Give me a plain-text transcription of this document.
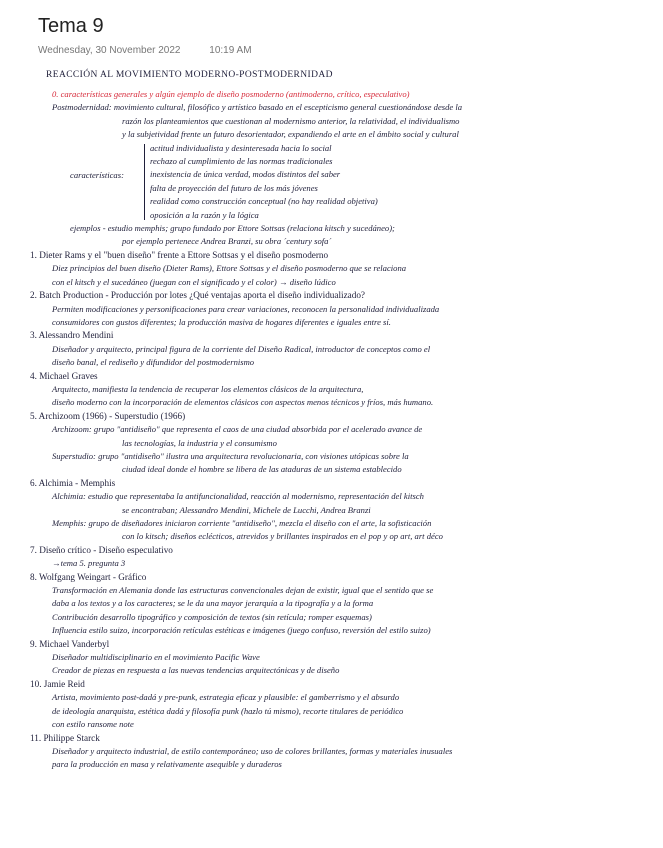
Tema 9
Wednesday, 30 November 2022	10:19 AM
REACCIÓN AL MOVIMIENTO MODERNO-POSTMODERNIDAD
0. características generales y algún ejemplo de diseño posmoderno (antimoderno, crítico, especulativo)
Postmodernidad: movimiento cultural, filosófico y artístico basado en el escepticismo general cuestionándose desde la
razón los planteamientos que cuestionan al modernismo anterior, la relatividad, el individualismo
y la subjetividad frente un futuro desorientador, expandiendo el arte en el ámbito social y cultural
características:
actitud individualista y desinteresada hacia lo social
rechazo al cumplimiento de las normas tradicionales
inexistencia de única verdad, modos distintos del saber
falta de proyección del futuro de los más jóvenes
realidad como construcción conceptual (no hay realidad objetiva)
oposición a la razón y la lógica
ejemplos - estudio memphis; grupo fundado por Ettore Sottsas (relaciona kitsch y sucedáneo);
por ejemplo pertenece Andrea Branzi, su obra ´century sofa´
1. Dieter Rams y el "buen diseño" frente a Ettore Sottsas y el diseño posmoderno
Diez principios del buen diseño (Dieter Rams), Ettore Sottsas y el diseño posmoderno que se relaciona
con el kitsch y el sucedáneo (juegan con el significado y el color) → diseño lúdico
2. Batch Production - Producción por lotes ¿Qué ventajas aporta el diseño individualizado?
Permiten modificaciones y personificaciones para crear variaciones, reconocen la personalidad individualizada
consumidores con gustos diferentes; la producción masiva de hogares diferentes e iguales entre sí.
3. Alessandro Mendini
Diseñador y arquitecto, principal figura de la corriente del Diseño Radical, introductor de conceptos como el
diseño banal, el rediseño y difundidor del postmodernismo
4. Michael Graves
Arquitecto, manifiesta la tendencia de recuperar los elementos clásicos de la arquitectura,
diseño moderno con la incorporación de elementos clásicos con aspectos menos técnicos y fríos, más humano.
5. Archizoom (1966) - Superstudio (1966)
Archizoom: grupo "antidiseño" que representa el caos de una ciudad absorbida por el acelerado avance de
las tecnologías, la industria y el consumismo
Superstudio: grupo "antidiseño" ilustra una arquitectura revolucionaria, con visiones utópicas sobre la
ciudad ideal donde el hombre se libera de las ataduras de un sistema establecido
6. Alchimia - Memphis
Alchimia: estudio que representaba la antifuncionalidad, reacción al modernismo, representación del kitsch
se encontraban; Alessandro Mendini, Michele de Lucchi, Andrea Branzi
Memphis: grupo de diseñadores iniciaron corriente "antidiseño", mezcla el diseño con el arte, la sofisticación
con lo kitsch; diseños eclécticos, atrevidos y brillantes inspirados en el pop y op art, art déco
7. Diseño crítico - Diseño especulativo
→tema 5. pregunta 3
8. Wolfgang Weingart - Gráfico
Transformación en Alemania donde las estructuras convencionales dejan de existir, igual que el sentido que se
daba a los textos y a los caracteres; se le da una mayor jerarquía a la tipografía y a la forma
Contribución desarrollo tipográfico y composición de textos (sin retícula; romper esquemas)
Influencia estilo suizo, incorporación retículas estéticas e imágenes (juego confuso, reversión del estilo suizo)
9. Michael Vanderbyl
Diseñador multidisciplinario en el movimiento Pacific Wave
Creador de piezas en respuesta a las nuevas tendencias arquitectónicas y de diseño
10. Jamie Reid
Artista, movimiento post-dadá y pre-punk, estrategia eficaz y plausible: el gamberrismo y el absurdo
de ideología anarquista, estética dadá y filosofía punk (hazlo tú mismo), recorte titulares de periódico
con estilo ransome note
11. Philippe Starck
Diseñador y arquitecto industrial, de estilo contemporáneo; uso de colores brillantes, formas y materiales inusuales
para la producción en masa y relativamente asequible y duraderos
